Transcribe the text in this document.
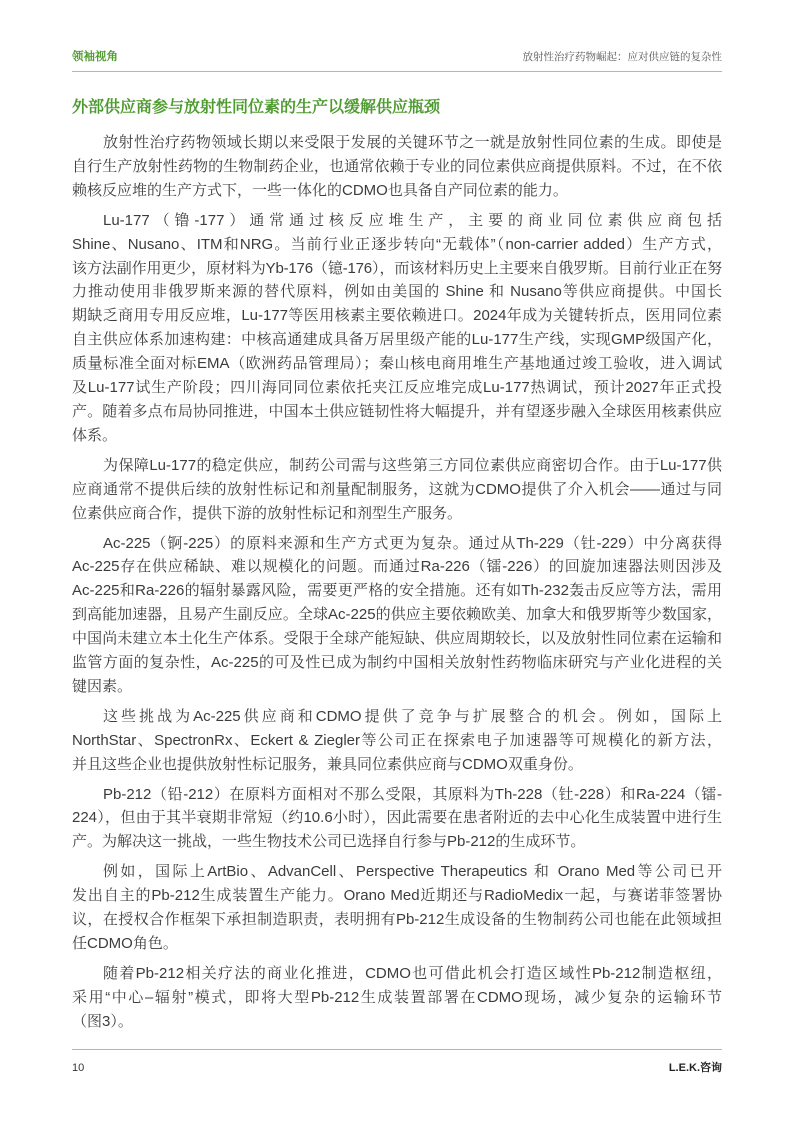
领袖视角	放射性治疗药物崛起：应对供应链的复杂性
外部供应商参与放射性同位素的生产以缓解供应瓶颈
放射性治疗药物领域长期以来受限于发展的关键环节之一就是放射性同位素的生成。即使是
自行生产放射性药物的生物制药企业，也通常依赖于专业的同位素供应商提供原料。不过，在不依
赖核反应堆的生产方式下，一些一体化的CDMO也具备自产同位素的能力。
Lu-177（镥-177）通常通过核反应堆生产，主要的商业同位素供应商包括
Shine、Nusano、ITM和NRG。当前行业正逐步转向“无载体”（non-carrier added）生产方式，
该方法副作用更少，原材料为Yb-176（镱-176），而该材料历史上主要来自俄罗斯。目前行业正在努
力推动使用非俄罗斯来源的替代原料，例如由美国的 Shine 和 Nusano等供应商提供。中国长
期缺乏商用专用反应堆，Lu-177等医用核素主要依赖进口。2024年成为关键转折点，医用同位素
自主供应体系加速构建：中核高通建成具备万居里级产能的Lu-177生产线，实现GMP级国产化，
质量标准全面对标EMA（欧洲药品管理局）；秦山核电商用堆生产基地通过竣工验收，进入调试
及Lu-177试生产阶段；四川海同同位素依托夹江反应堆完成Lu-177热调试，预计2027年正式投
产。随着多点布局协同推进，中国本土供应链韧性将大幅提升，并有望逐步融入全球医用核素供应
体系。
为保障Lu-177的稳定供应，制药公司需与这些第三方同位素供应商密切合作。由于Lu-177供
应商通常不提供后续的放射性标记和剂量配制服务，这就为CDMO提供了介入机会——通过与同
位素供应商合作，提供下游的放射性标记和剂型生产服务。
Ac-225（锕-225）的原料来源和生产方式更为复杂。通过从Th-229（钍-229）中分离获得
Ac-225存在供应稀缺、难以规模化的问题。而通过Ra-226（镭-226）的回旋加速器法则因涉及
Ac-225和Ra-226的辐射暴露风险，需要更严格的安全措施。还有如Th-232轰击反应等方法，需用
到高能加速器，且易产生副反应。全球Ac-225的供应主要依赖欧美、加拿大和俄罗斯等少数国家，
中国尚未建立本土化生产体系。受限于全球产能短缺、供应周期较长，以及放射性同位素在运输和
监管方面的复杂性，Ac-225的可及性已成为制约中国相关放射性药物临床研究与产业化进程的关
键因素。
这些挑战为Ac-225供应商和CDMO提供了竞争与扩展整合的机会。例如，国际上
NorthStar、SpectronRx、Eckert & Ziegler等公司正在探索电子加速器等可规模化的新方法，
并且这些企业也提供放射性标记服务，兼具同位素供应商与CDMO双重身份。
Pb-212（铅-212）在原料方面相对不那么受限，其原料为Th-228（钍-228）和Ra-224（镭-
224），但由于其半衰期非常短（约10.6小时），因此需要在患者附近的去中心化生成装置中进行生
产。为解决这一挑战，一些生物技术公司已选择自行参与Pb-212的生成环节。
例如，国际上ArtBio、AdvanCell、Perspective Therapeutics 和 Orano Med等公司已开
发出自主的Pb-212生成装置生产能力。Orano Med近期还与RadioMedix一起，与赛诺菲签署协
议，在授权合作框架下承担制造职责，表明拥有Pb-212生成设备的生物制药公司也能在此领域担
任CDMO角色。
随着Pb-212相关疗法的商业化推进，CDMO也可借此机会打造区域性Pb-212制造枢纽，
采用“中心–辐射”模式，即将大型Pb-212生成装置部署在CDMO现场，减少复杂的运输环节
（图3）。
10	L.E.K.咨询
